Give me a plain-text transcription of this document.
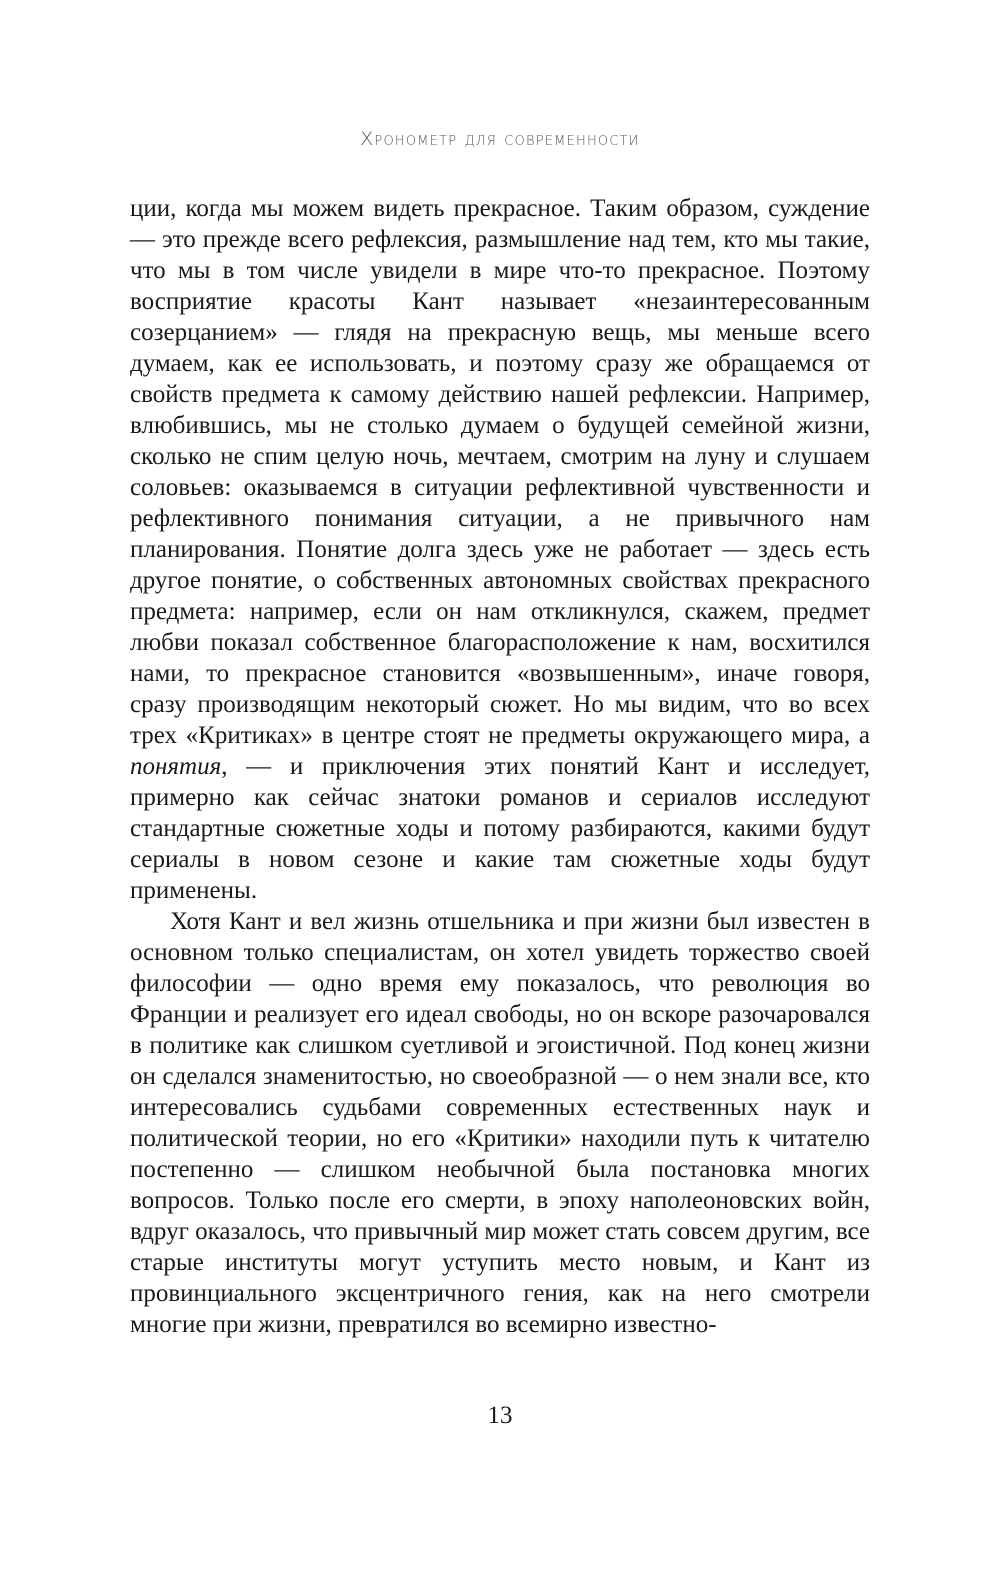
Хронометр для современности

ции, когда мы можем видеть прекрасное. Таким образом, суждение — это прежде всего рефлексия, размышление над тем, кто мы такие, что мы в том числе увидели в мире что-то прекрасное. Поэтому восприятие красоты Кант называет «незаинтересованным созерцанием» — глядя на прекрасную вещь, мы меньше всего думаем, как ее использовать, и поэтому сразу же обращаемся от свойств предмета к самому действию нашей рефлексии. Например, влюбившись, мы не столько думаем о будущей семейной жизни, сколько не спим целую ночь, мечтаем, смотрим на луну и слушаем соловьев: оказываемся в ситуации рефлективной чувственности и рефлективного понимания ситуации, а не привычного нам планирования. Понятие долга здесь уже не работает — здесь есть другое понятие, о собственных автономных свойствах прекрасного предмета: например, если он нам откликнулся, скажем, предмет любви показал собственное благорасположение к нам, восхитился нами, то прекрасное становится «возвышенным», иначе говоря, сразу производящим некоторый сюжет. Но мы видим, что во всех трех «Критиках» в центре стоят не предметы окружающего мира, а понятия, — и приключения этих понятий Кант и исследует, примерно как сейчас знатоки романов и сериалов исследуют стандартные сюжетные ходы и потому разбираются, какими будут сериалы в новом сезоне и какие там сюжетные ходы будут применены.

Хотя Кант и вел жизнь отшельника и при жизни был известен в основном только специалистам, он хотел увидеть торжество своей философии — одно время ему показалось, что революция во Франции и реализует его идеал свободы, но он вскоре разочаровался в политике как слишком суетливой и эгоистичной. Под конец жизни он сделался знаменитостью, но своеобразной — о нем знали все, кто интересовались судьбами современных естественных наук и политической теории, но его «Критики» находили путь к читателю постепенно — слишком необычной была постановка многих вопросов. Только после его смерти, в эпоху наполеоновских войн, вдруг оказалось, что привычный мир может стать совсем другим, все старые институты могут уступить место новым, и Кант из провинциального эксцентричного гения, как на него смотрели многие при жизни, превратился во всемирно известно-

13
